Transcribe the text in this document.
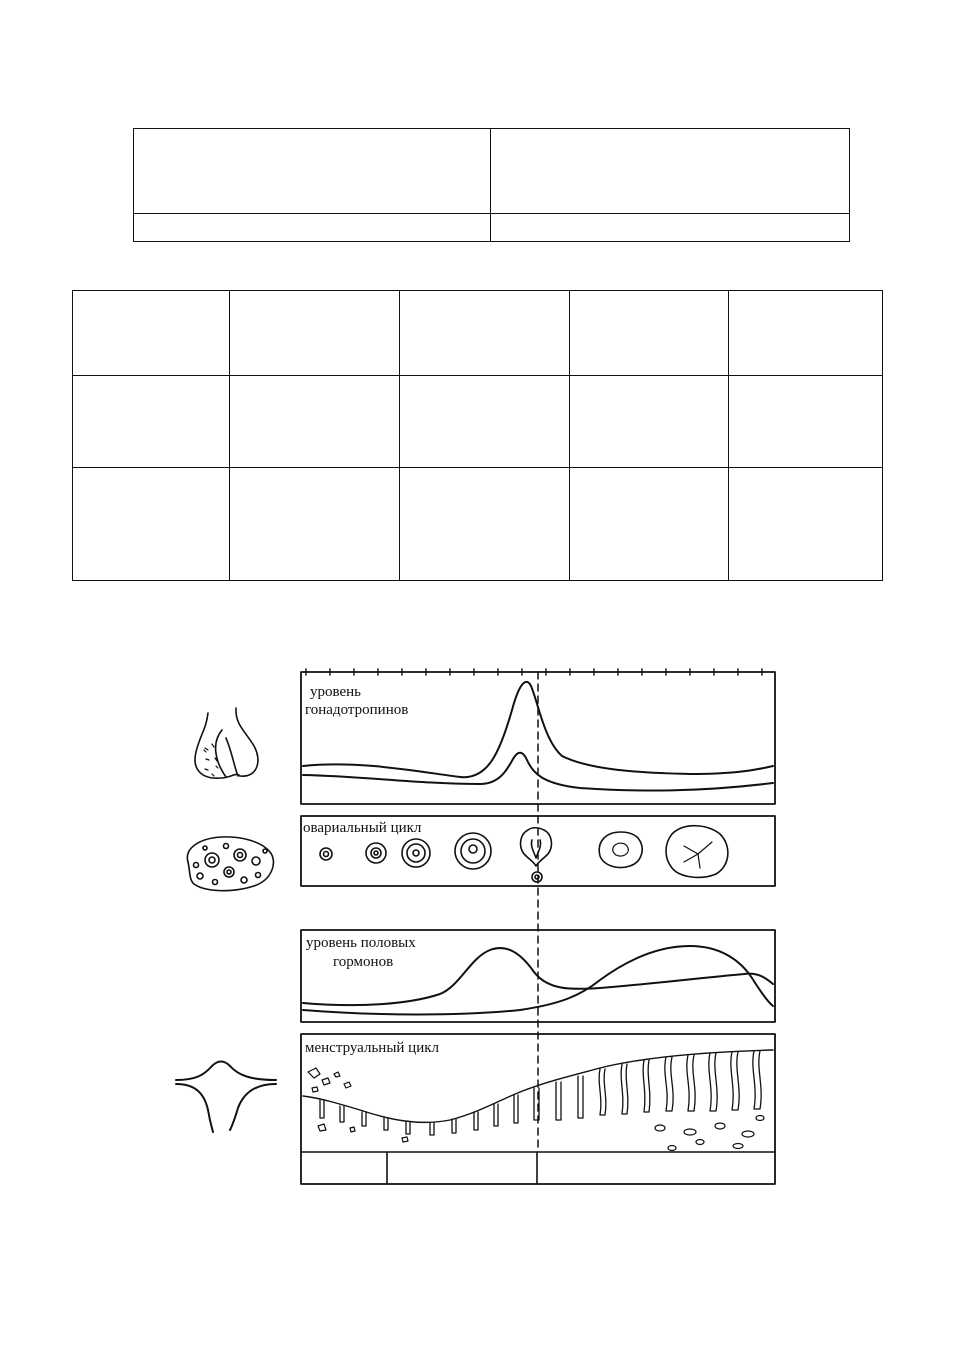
уровень
гонадотропинов
овариальный цикл
уровень половых
гормонов
менструальный цикл
